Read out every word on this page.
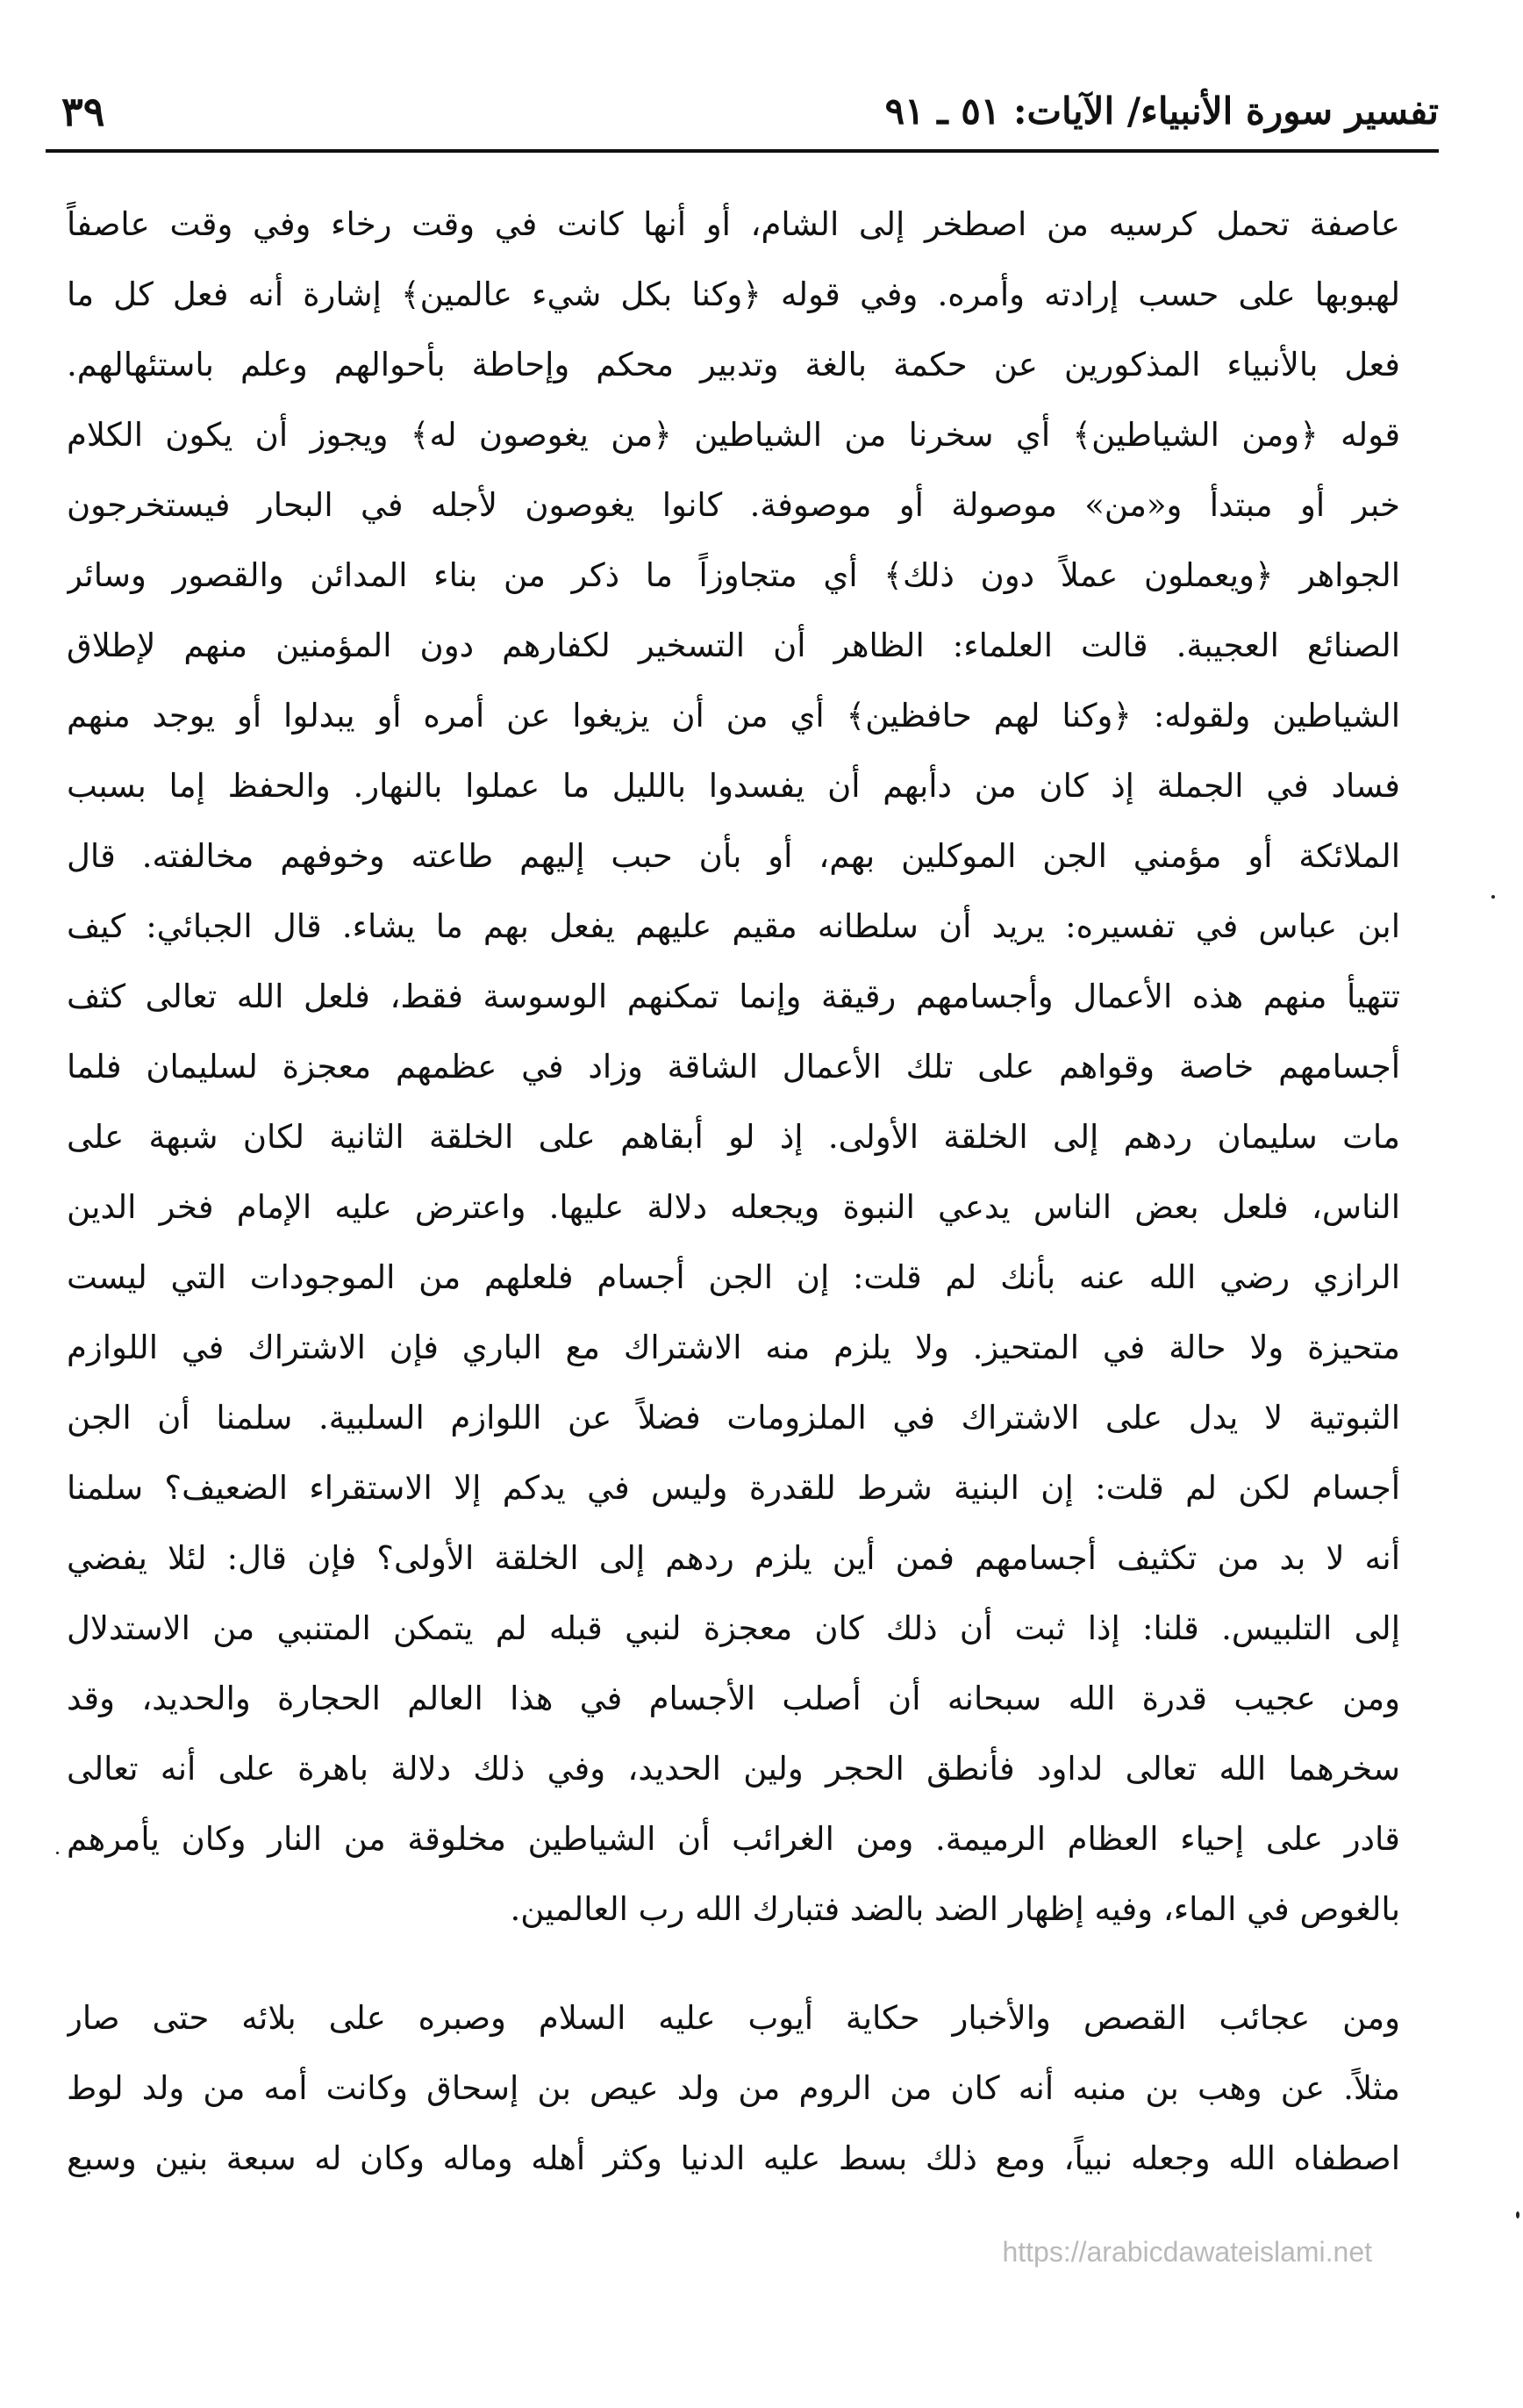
تفسير سورة الأنبياء/ الآيات: ٥١ ـ ٩١
٣٩
عاصفة تحمل كرسيه من اصطخر إلى الشام، أو أنها كانت في وقت رخاء وفي وقت عاصفاً
لهبوبها على حسب إرادته وأمره. وفي قوله ﴿وكنا بكل شيء عالمين﴾ إشارة أنه فعل كل ما
فعل بالأنبياء المذكورين عن حكمة بالغة وتدبير محكم وإحاطة بأحوالهم وعلم باستئهالهم.
قوله ﴿ومن الشياطين﴾ أي سخرنا من الشياطين ﴿من يغوصون له﴾ ويجوز أن يكون الكلام
خبر أو مبتدأ و«من» موصولة أو موصوفة. كانوا يغوصون لأجله في البحار فيستخرجون
الجواهر ﴿ويعملون عملاً دون ذلك﴾ أي متجاوزاً ما ذكر من بناء المدائن والقصور وسائر
الصنائع العجيبة. قالت العلماء: الظاهر أن التسخير لكفارهم دون المؤمنين منهم لإطلاق
الشياطين ولقوله: ﴿وكنا لهم حافظين﴾ أي من أن يزيغوا عن أمره أو يبدلوا أو يوجد منهم
فساد في الجملة إذ كان من دأبهم أن يفسدوا بالليل ما عملوا بالنهار. والحفظ إما بسبب
الملائكة أو مؤمني الجن الموكلين بهم، أو بأن حبب إليهم طاعته وخوفهم مخالفته. قال
ابن عباس في تفسيره: يريد أن سلطانه مقيم عليهم يفعل بهم ما يشاء. قال الجبائي: كيف
تتهيأ منهم هذه الأعمال وأجسامهم رقيقة وإنما تمكنهم الوسوسة فقط، فلعل الله تعالى كثف
أجسامهم خاصة وقواهم على تلك الأعمال الشاقة وزاد في عظمهم معجزة لسليمان فلما
مات سليمان ردهم إلى الخلقة الأولى. إذ لو أبقاهم على الخلقة الثانية لكان شبهة على
الناس، فلعل بعض الناس يدعي النبوة ويجعله دلالة عليها. واعترض عليه الإمام فخر الدين
الرازي رضي الله عنه بأنك لم قلت: إن الجن أجسام فلعلهم من الموجودات التي ليست
متحيزة ولا حالة في المتحيز. ولا يلزم منه الاشتراك مع الباري فإن الاشتراك في اللوازم
الثبوتية لا يدل على الاشتراك في الملزومات فضلاً عن اللوازم السلبية. سلمنا أن الجن
أجسام لكن لم قلت: إن البنية شرط للقدرة وليس في يدكم إلا الاستقراء الضعيف؟ سلمنا
أنه لا بد من تكثيف أجسامهم فمن أين يلزم ردهم إلى الخلقة الأولى؟ فإن قال: لئلا يفضي
إلى التلبيس. قلنا: إذا ثبت أن ذلك كان معجزة لنبي قبله لم يتمكن المتنبي من الاستدلال
ومن عجيب قدرة الله سبحانه أن أصلب الأجسام في هذا العالم الحجارة والحديد، وقد
سخرهما الله تعالى لداود فأنطق الحجر ولين الحديد، وفي ذلك دلالة باهرة على أنه تعالى
قادر على إحياء العظام الرميمة. ومن الغرائب أن الشياطين مخلوقة من النار وكان يأمرهم
بالغوص في الماء، وفيه إظهار الضد بالضد فتبارك الله رب العالمين.
ومن عجائب القصص والأخبار حكاية أيوب عليه السلام وصبره على بلائه حتى صار
مثلاً. عن وهب بن منبه أنه كان من الروم من ولد عيص بن إسحاق وكانت أمه من ولد لوط
اصطفاه الله وجعله نبياً، ومع ذلك بسط عليه الدنيا وكثر أهله وماله وكان له سبعة بنين وسبع
https://arabicdawateislami.net
